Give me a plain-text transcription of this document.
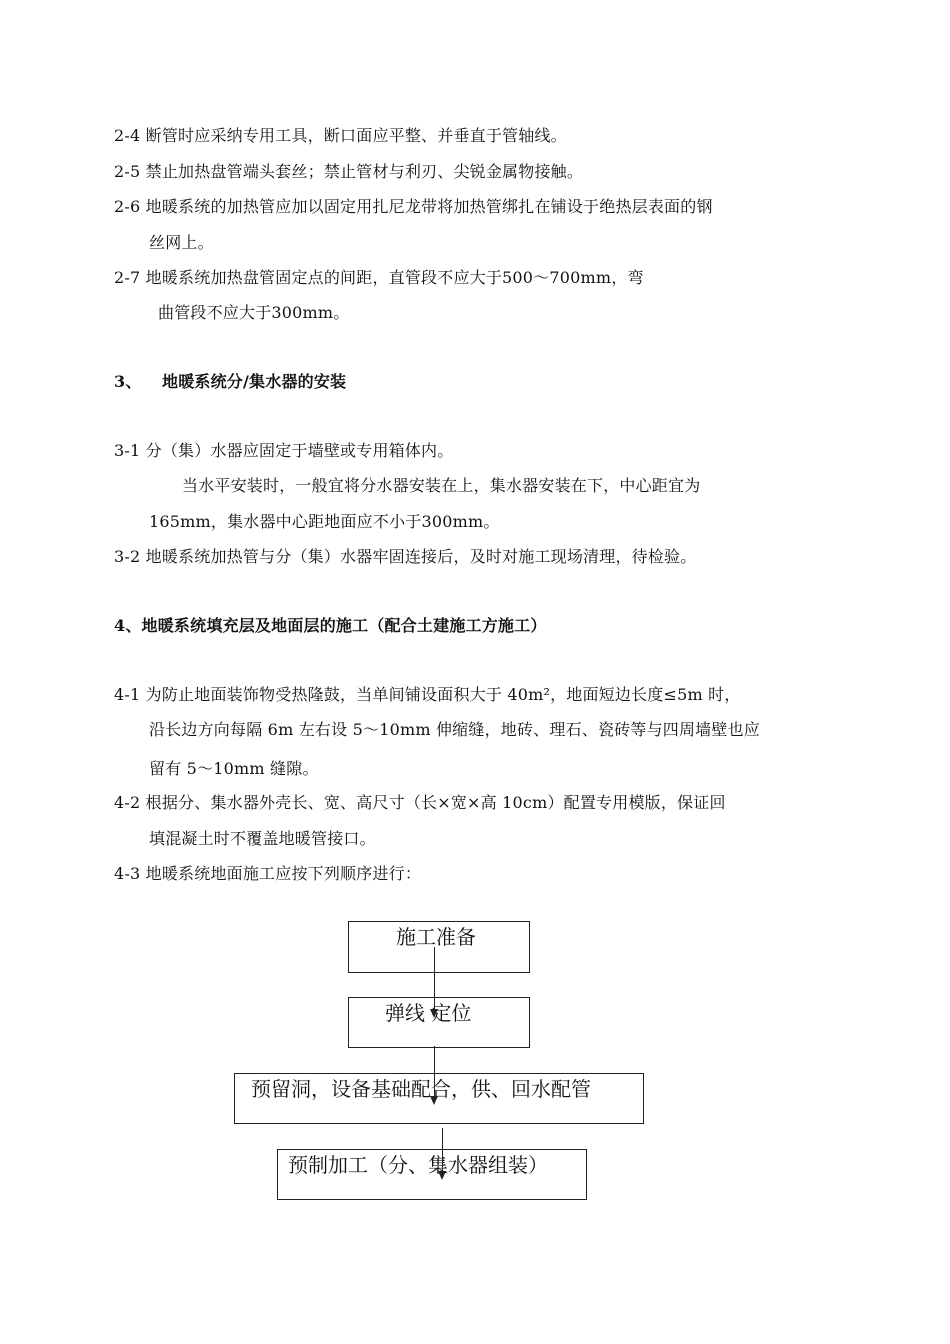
2-4 断管时应采纳专用工具，断口面应平整、并垂直于管轴线。
2-5 禁止加热盘管端头套丝；禁止管材与利刃、尖锐金属物接触。
2-6 地暖系统的加热管应加以固定用扎尼龙带将加热管绑扎在铺设于绝热层表面的钢
丝网上。
2-7 地暖系统加热盘管固定点的间距，直管段不应大于500～700mm，弯
曲管段不应大于300mm。
3、 地暖系统分/集水器的安装
3-1 分（集）水器应固定于墙壁或专用箱体内。
当水平安装时，一般宜将分水器安装在上，集水器安装在下，中心距宜为
165mm，集水器中心距地面应不小于300mm。
3-2 地暖系统加热管与分（集）水器牢固连接后，及时对施工现场清理，待检验。
4、地暖系统填充层及地面层的施工（配合土建施工方施工）
4-1 为防止地面装饰物受热隆鼓，当单间铺设面积大于 40m²，地面短边长度≤5m 时，
沿长边方向每隔 6m 左右设 5～10mm 伸缩缝，地砖、理石、瓷砖等与四周墙壁也应
留有 5～10mm 缝隙。
4-2 根据分、集水器外壳长、宽、高尺寸（长×宽×高 10cm）配置专用模版，保证回
填混凝土时不覆盖地暖管接口。
4-3 地暖系统地面施工应按下列顺序进行：
施工准备
弹线 定位
预留洞，设备基础配合，供、回水配管
预制加工（分、集水器组装）
